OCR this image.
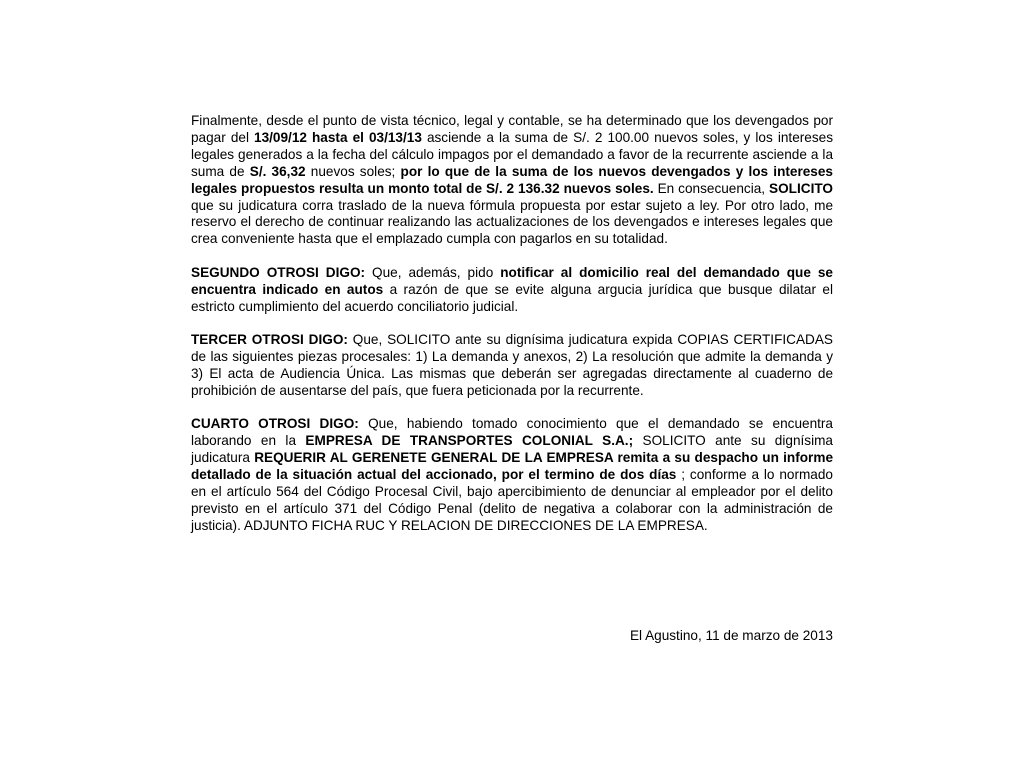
Finalmente, desde el punto de vista técnico, legal y contable, se ha determinado que los devengados por pagar del 13/09/12 hasta el 03/13/13 asciende a la suma de S/. 2 100.00 nuevos soles, y los intereses legales generados a la fecha del cálculo impagos por el demandado a favor de la recurrente asciende a la suma de S/. 36,32 nuevos soles; por lo que de la suma de los nuevos devengados y los intereses legales propuestos resulta un monto total de S/. 2 136.32 nuevos soles. En consecuencia, SOLICITO que su judicatura corra traslado de la nueva fórmula propuesta por estar sujeto a ley. Por otro lado, me reservo el derecho de continuar realizando las actualizaciones de los devengados e intereses legales que crea conveniente hasta que el emplazado cumpla con pagarlos en su totalidad.

SEGUNDO OTROSI DIGO: Que, además, pido notificar al domicilio real del demandado que se encuentra indicado en autos a razón de que se evite alguna argucia jurídica que busque dilatar el estricto cumplimiento del acuerdo conciliatorio judicial.

TERCER OTROSI DIGO: Que, SOLICITO ante su dignísima judicatura expida COPIAS CERTIFICADAS de las siguientes piezas procesales: 1) La demanda y anexos, 2) La resolución que admite la demanda y 3) El acta de Audiencia Única. Las mismas que deberán ser agregadas directamente al cuaderno de prohibición de ausentarse del país, que fuera peticionada por la recurrente.

CUARTO OTROSI DIGO: Que, habiendo tomado conocimiento que el demandado se encuentra laborando en la EMPRESA DE TRANSPORTES COLONIAL S.A.; SOLICITO ante su dignísima judicatura REQUERIR AL GERENETE GENERAL DE LA EMPRESA remita a su despacho un informe detallado de la situación actual del accionado, por el termino de dos días ; conforme a lo normado en el artículo 564 del Código Procesal Civil, bajo apercibimiento de denunciar al empleador por el delito previsto en el artículo 371 del Código Penal (delito de negativa a colaborar con la administración de justicia). ADJUNTO FICHA RUC Y RELACION DE DIRECCIONES DE LA EMPRESA.

El Agustino, 11 de marzo de 2013
